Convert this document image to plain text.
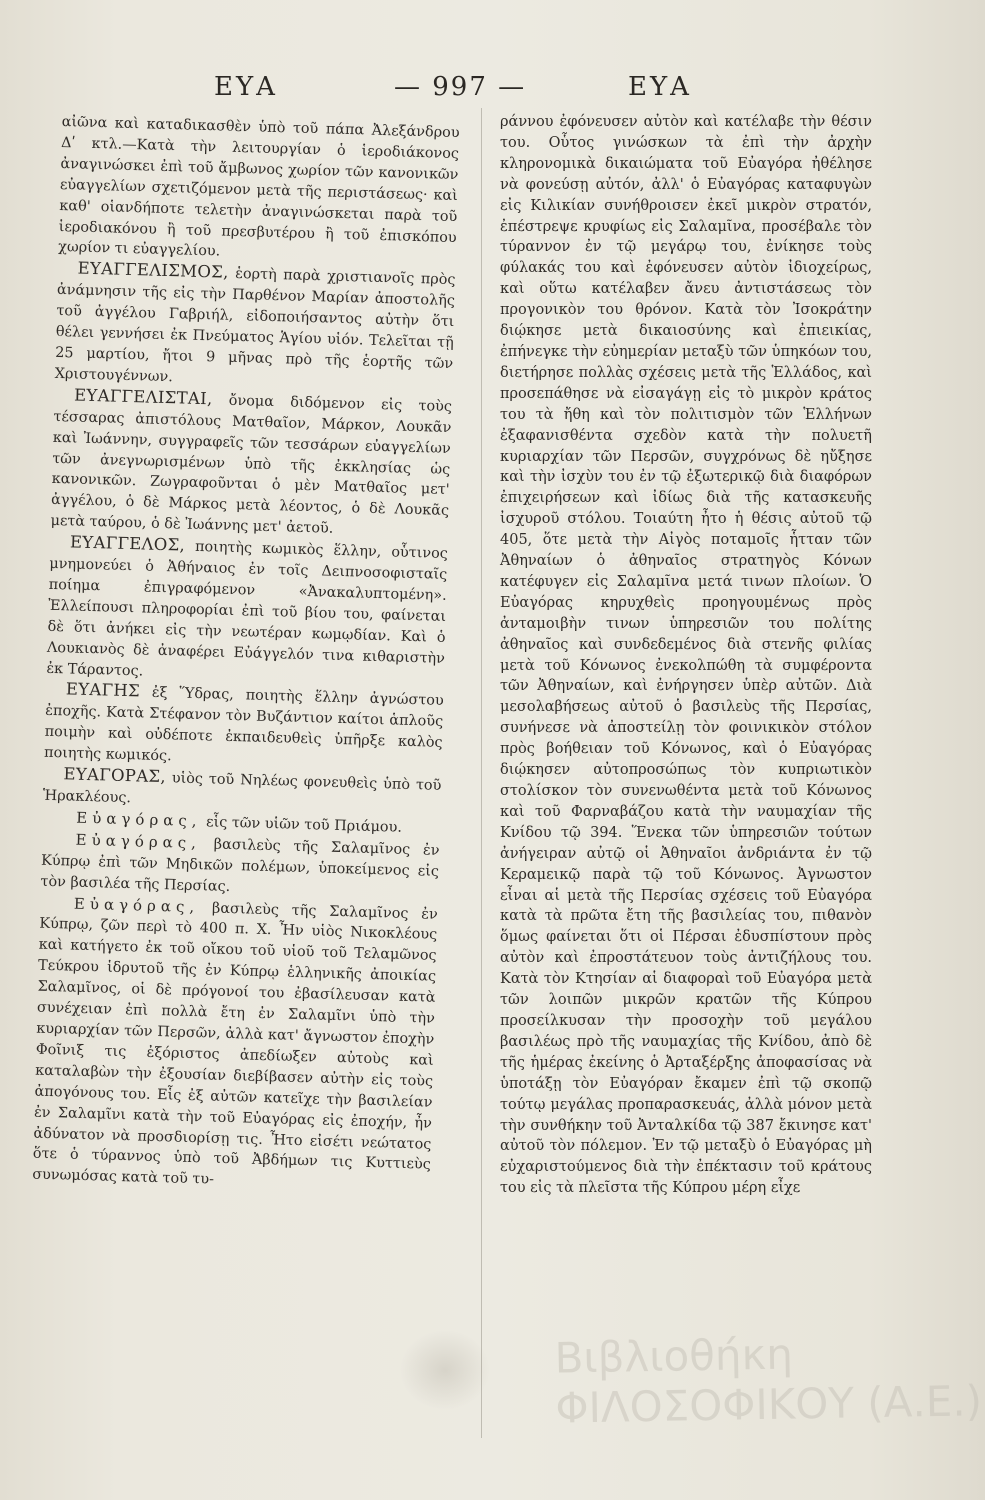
ΕΥΑ	— 997 —	ΕΥΑ

αἰῶνα καὶ καταδικασθὲν ὑπὸ τοῦ πάπα Ἀλεξάνδρου Δʹ κτλ.—Κατὰ τὴν λειτουργίαν ὁ ἱεροδιάκονος ἀναγινώσκει ἐπὶ τοῦ ἄμβωνος χωρίον τῶν κανονικῶν εὐαγγελίων σχετιζόμενον μετὰ τῆς περιστάσεως· καὶ καθ' οἱανδήποτε τελετὴν ἀναγινώσκεται παρὰ τοῦ ἱεροδιακόνου ἢ τοῦ πρεσβυτέρου ἢ τοῦ ἐπισκόπου χωρίον τι εὐαγγελίου.

ΕΥΑΓΓΕΛΙΣΜΟΣ, ἑορτὴ παρὰ χριστιανοῖς πρὸς ἀνάμνησιν τῆς εἰς τὴν Παρθένον Μαρίαν ἀποστολῆς τοῦ ἀγγέλου Γαβριήλ, εἰδοποιήσαντος αὐτὴν ὅτι θέλει γεννήσει ἐκ Πνεύματος Ἁγίου υἱόν. Τελεῖται τῇ 25 μαρτίου, ἤτοι 9 μῆνας πρὸ τῆς ἑορτῆς τῶν Χριστουγέννων.

ΕΥΑΓΓΕΛΙΣΤΑΙ, ὄνομα διδόμενον εἰς τοὺς τέσσαρας ἀπιστόλους Ματθαῖον, Μάρκον, Λουκᾶν καὶ Ἰωάννην, συγγραφεῖς τῶν τεσσάρων εὐαγγελίων τῶν ἀνεγνωρισμένων ὑπὸ τῆς ἐκκλησίας ὡς κανονικῶν. Ζωγραφοῦνται ὁ μὲν Ματθαῖος μετ' ἀγγέλου, ὁ δὲ Μάρκος μετὰ λέοντος, ὁ δὲ Λουκᾶς μετὰ ταύρου, ὁ δὲ Ἰωάννης μετ' ἀετοῦ.

ΕΥΑΓΓΕΛΟΣ, ποιητὴς κωμικὸς ἕλλην, οὗτινος μνημονεύει ὁ Ἀθήναιος ἐν τοῖς Δειπνοσοφισταῖς ποίημα ἐπιγραφόμενον «Ἀνακαλυπτομένη». Ἐλλείπουσι πληροφορίαι ἐπὶ τοῦ βίου του, φαίνεται δὲ ὅτι ἀνήκει εἰς τὴν νεωτέραν κωμῳδίαν. Καὶ ὁ Λουκιανὸς δὲ ἀναφέρει Εὐάγγελόν τινα κιθαριστὴν ἐκ Τάραντος.

ΕΥΑΓΗΣ ἐξ Ὕδρας, ποιητὴς ἕλλην ἀγνώστου ἐποχῆς. Κατὰ Στέφανον τὸν Βυζάντιον καίτοι ἁπλοῦς ποιμὴν καὶ οὐδέποτε ἐκπαιδευθεὶς ὑπῆρξε καλὸς ποιητὴς κωμικός.

ΕΥΑΓΟΡΑΣ, υἱὸς τοῦ Νηλέως φονευθεὶς ὑπὸ τοῦ Ἡρακλέους.

Εὐαγόρας, εἷς τῶν υἱῶν τοῦ Πριάμου.

Εὐαγόρας, βασιλεὺς τῆς Σαλαμῖνος ἐν Κύπρῳ ἐπὶ τῶν Μηδικῶν πολέμων, ὑποκείμενος εἰς τὸν βασιλέα τῆς Περσίας.

Εὐαγόρας, βασιλεὺς τῆς Σαλαμῖνος ἐν Κύπρῳ, ζῶν περὶ τὸ 400 π. Χ. Ἦν υἱὸς Νικοκλέους καὶ κατήγετο ἐκ τοῦ οἴκου τοῦ υἱοῦ τοῦ Τελαμῶνος Τεύκρου ἱδρυτοῦ τῆς ἐν Κύπρῳ ἑλληνικῆς ἀποικίας Σαλαμῖνος, οἱ δὲ πρόγονοί του ἐβασίλευσαν κατὰ συνέχειαν ἐπὶ πολλὰ ἔτη ἐν Σαλαμῖνι ὑπὸ τὴν κυριαρχίαν τῶν Περσῶν, ἀλλὰ κατ' ἄγνωστον ἐποχὴν Φοῖνιξ τις ἐξόριστος ἀπεδίωξεν αὐτοὺς καὶ καταλαβὼν τὴν ἐξουσίαν διεβίβασεν αὐτὴν εἰς τοὺς ἀπογόνους του. Εἷς ἐξ αὐτῶν κατεῖχε τὴν βασιλείαν ἐν Σαλαμῖνι κατὰ τὴν τοῦ Εὐαγόρας εἰς ἐποχήν, ἦν ἀδύνατον νὰ προσδιορίσῃ τις. Ἦτο εἰσέτι νεώτατος ὅτε ὁ τύραννος ὑπὸ τοῦ Ἀβδήμων τις Κυττιεὺς συνωμόσας κατὰ τοῦ τυ-

ράννου ἐφόνευσεν αὐτὸν καὶ κατέλαβε τὴν θέσιν του. Οὗτος γινώσκων τὰ ἐπὶ τὴν ἀρχὴν κληρονομικὰ δικαιώματα τοῦ Εὐαγόρα ἠθέλησε νὰ φονεύσῃ αὐτόν, ἀλλ' ὁ Εὐαγόρας καταφυγὼν εἰς Κιλικίαν συνήθροισεν ἐκεῖ μικρὸν στρατόν, ἐπέστρεψε κρυφίως εἰς Σαλαμῖνα, προσέβαλε τὸν τύραννον ἐν τῷ μεγάρῳ του, ἐνίκησε τοὺς φύλακάς του καὶ ἐφόνευσεν αὐτὸν ἰδιοχείρως, καὶ οὕτω κατέλαβεν ἄνευ ἀντιστάσεως τὸν προγονικὸν του θρόνον. Κατὰ τὸν Ἰσοκράτην διῴκησε μετὰ δικαιοσύνης καὶ ἐπιεικίας, ἐπήνεγκε τὴν εὐημερίαν μεταξὺ τῶν ὑπηκόων του, διετήρησε πολλὰς σχέσεις μετὰ τῆς Ἑλλάδος, καὶ προσεπάθησε νὰ εἰσαγάγῃ εἰς τὸ μικρὸν κράτος του τὰ ἤθη καὶ τὸν πολιτισμὸν τῶν Ἑλλήνων ἐξαφανισθέντα σχεδὸν κατὰ τὴν πολυετῆ κυριαρχίαν τῶν Περσῶν, συγχρόνως δὲ ηὔξησε καὶ τὴν ἰσχὺν του ἐν τῷ ἐξωτερικῷ διὰ διαφόρων ἐπιχειρήσεων καὶ ἰδίως διὰ τῆς κατασκευῆς ἰσχυροῦ στόλου. Τοιαύτη ἦτο ἡ θέσις αὐτοῦ τῷ 405, ὅτε μετὰ τὴν Αἰγὸς ποταμοῖς ἧτταν τῶν Ἀθηναίων ὁ ἀθηναῖος στρατηγὸς Κόνων κατέφυγεν εἰς Σαλαμῖνα μετά τινων πλοίων. Ὁ Εὐαγόρας κηρυχθεὶς προηγουμένως πρὸς ἀνταμοιβὴν τινων ὑπηρεσιῶν του πολίτης ἀθηναῖος καὶ συνδεδεμένος διὰ στενῆς φιλίας μετὰ τοῦ Κόνωνος ἐνεκολπώθη τὰ συμφέροντα τῶν Ἀθηναίων, καὶ ἐνήργησεν ὑπὲρ αὐτῶν. Διὰ μεσολαβήσεως αὐτοῦ ὁ βασιλεὺς τῆς Περσίας, συνήνεσε νὰ ἀποστείλῃ τὸν φοινικικὸν στόλον πρὸς βοήθειαν τοῦ Κόνωνος, καὶ ὁ Εὐαγόρας διῴκησεν αὐτοπροσώπως τὸν κυπριωτικὸν στολίσκον τὸν συνενωθέντα μετὰ τοῦ Κόνωνος καὶ τοῦ Φαρναβάζου κατὰ τὴν ναυμαχίαν τῆς Κνίδου τῷ 394. Ἕνεκα τῶν ὑπηρεσιῶν τούτων ἀνήγειραν αὐτῷ οἱ Ἀθηναῖοι ἀνδριάντα ἐν τῷ Κεραμεικῷ παρὰ τῷ τοῦ Κόνωνος. Ἀγνωστον εἶναι αἱ μετὰ τῆς Περσίας σχέσεις τοῦ Εὐαγόρα κατὰ τὰ πρῶτα ἔτη τῆς βασιλείας του, πιθανὸν ὅμως φαίνεται ὅτι οἱ Πέρσαι ἐδυσπίστουν πρὸς αὐτὸν καὶ ἐπροστάτευον τοὺς ἀντιζήλους του. Κατὰ τὸν Κτησίαν αἱ διαφοραὶ τοῦ Εὐαγόρα μετὰ τῶν λοιπῶν μικρῶν κρατῶν τῆς Κύπρου προσείλκυσαν τὴν προσοχὴν τοῦ μεγάλου βασιλέως πρὸ τῆς ναυμαχίας τῆς Κνίδου, ἀπὸ δὲ τῆς ἡμέρας ἐκείνης ὁ Ἀρταξέρξης ἀποφασίσας νὰ ὑποτάξῃ τὸν Εὐαγόραν ἔκαμεν ἐπὶ τῷ σκοπῷ τούτῳ μεγάλας προπαρασκευάς, ἀλλὰ μόνον μετὰ τὴν συνθήκην τοῦ Ἀνταλκίδα τῷ 387 ἔκινησε κατ' αὐτοῦ τὸν πόλεμον. Ἐν τῷ μεταξὺ ὁ Εὐαγόρας μὴ εὐχαριστούμενος διὰ τὴν ἐπέκτασιν τοῦ κράτους του εἰς τὰ πλεῖστα τῆς Κύπρου μέρη εἶχε

Βιβλιοθήκη
ΦΙΛΟΣΟΦΙΚΟΥ (Α.Ε.)
